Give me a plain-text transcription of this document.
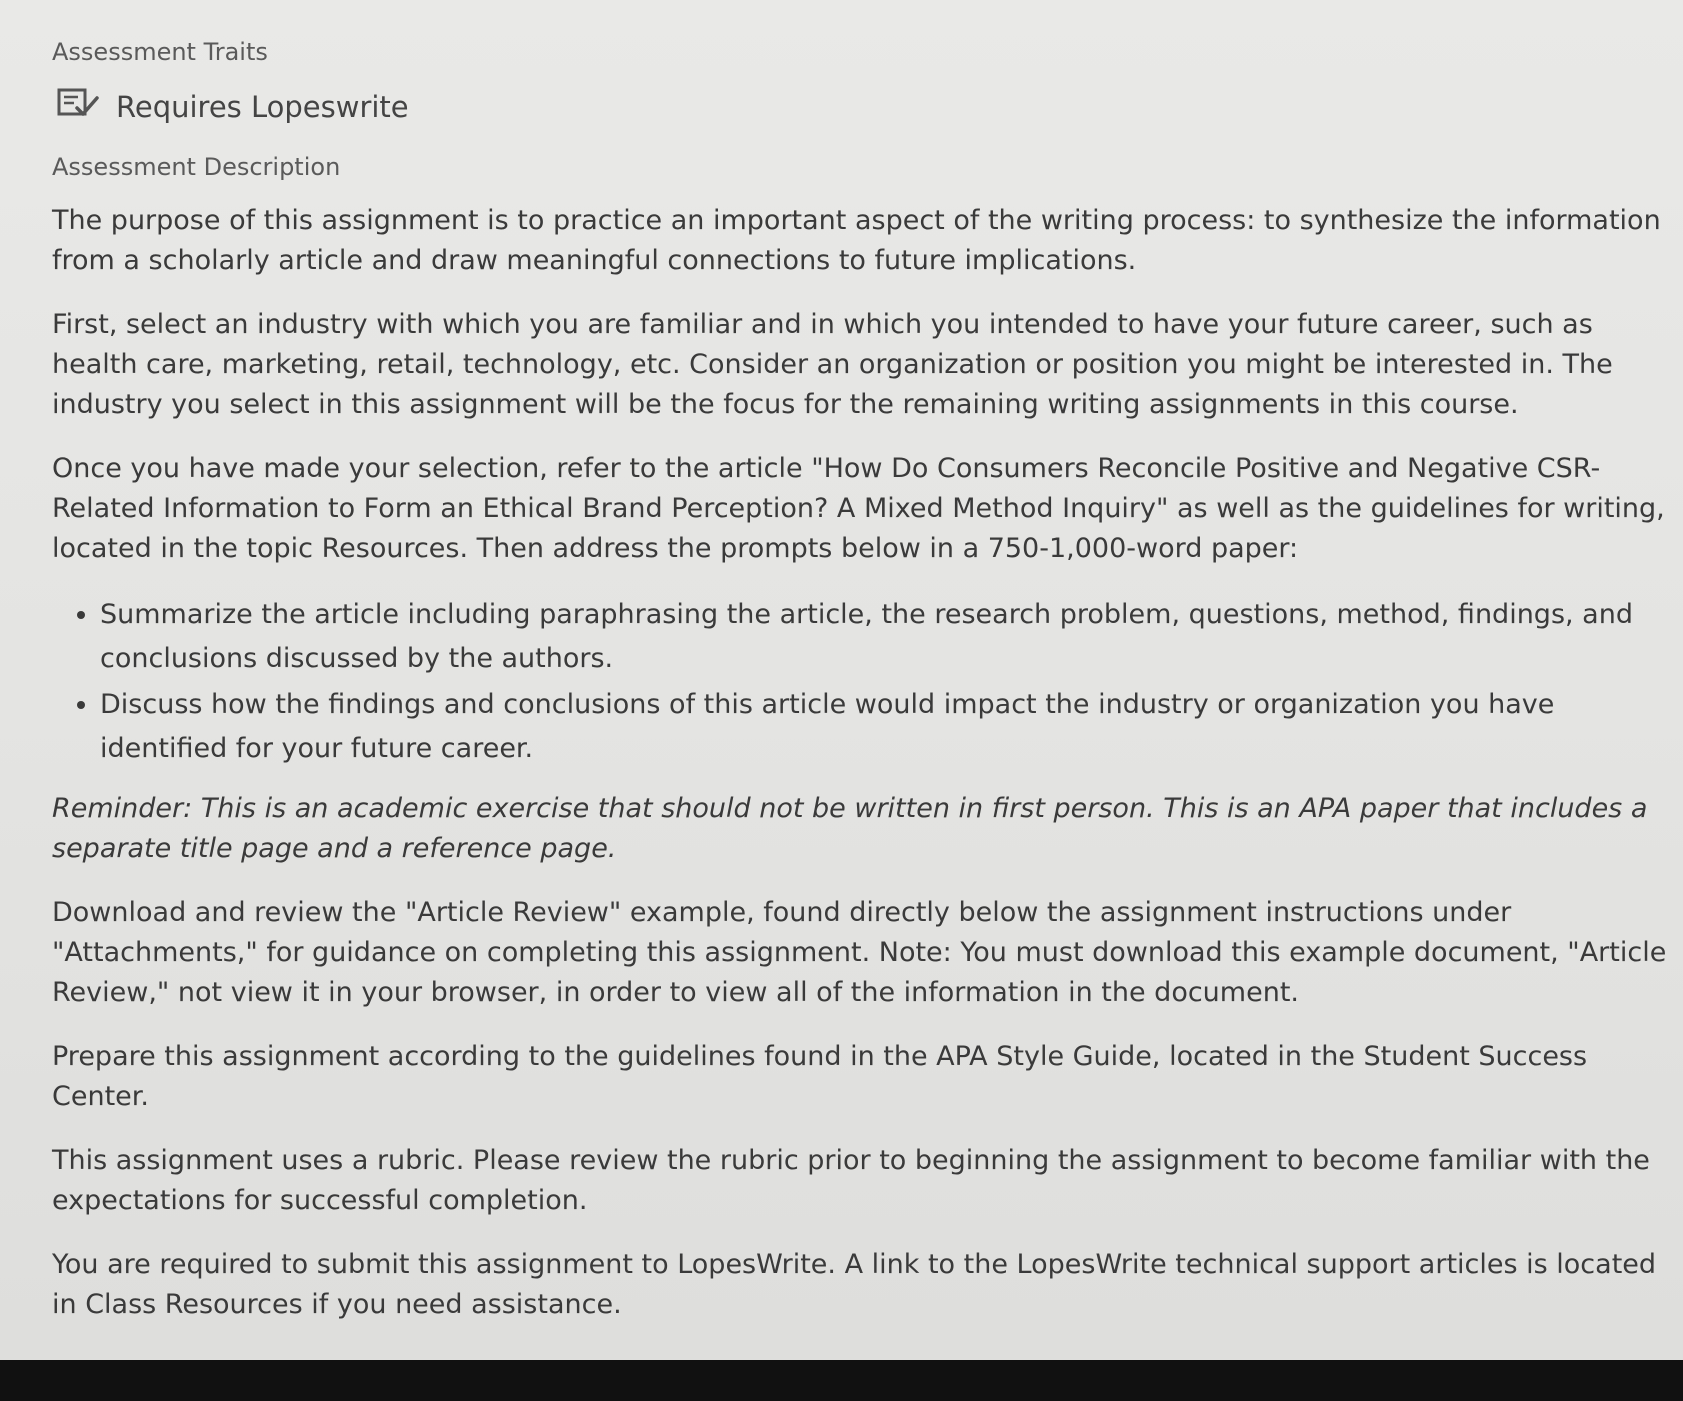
Assessment Traits
Requires Lopeswrite
Assessment Description

The purpose of this assignment is to practice an important aspect of the writing process: to synthesize the information from a scholarly article and draw meaningful connections to future implications.

First, select an industry with which you are familiar and in which you intended to have your future career, such as health care, marketing, retail, technology, etc. Consider an organization or position you might be interested in. The industry you select in this assignment will be the focus for the remaining writing assignments in this course.

Once you have made your selection, refer to the article "How Do Consumers Reconcile Positive and Negative CSR-Related Information to Form an Ethical Brand Perception? A Mixed Method Inquiry" as well as the guidelines for writing, located in the topic Resources. Then address the prompts below in a 750-1,000-word paper:

• Summarize the article including paraphrasing the article, the research problem, questions, method, findings, and conclusions discussed by the authors.
• Discuss how the findings and conclusions of this article would impact the industry or organization you have identified for your future career.

Reminder: This is an academic exercise that should not be written in first person. This is an APA paper that includes a separate title page and a reference page.

Download and review the "Article Review" example, found directly below the assignment instructions under "Attachments," for guidance on completing this assignment. Note: You must download this example document, "Article Review," not view it in your browser, in order to view all of the information in the document.

Prepare this assignment according to the guidelines found in the APA Style Guide, located in the Student Success Center.

This assignment uses a rubric. Please review the rubric prior to beginning the assignment to become familiar with the expectations for successful completion.

You are required to submit this assignment to LopesWrite. A link to the LopesWrite technical support articles is located in Class Resources if you need assistance.
